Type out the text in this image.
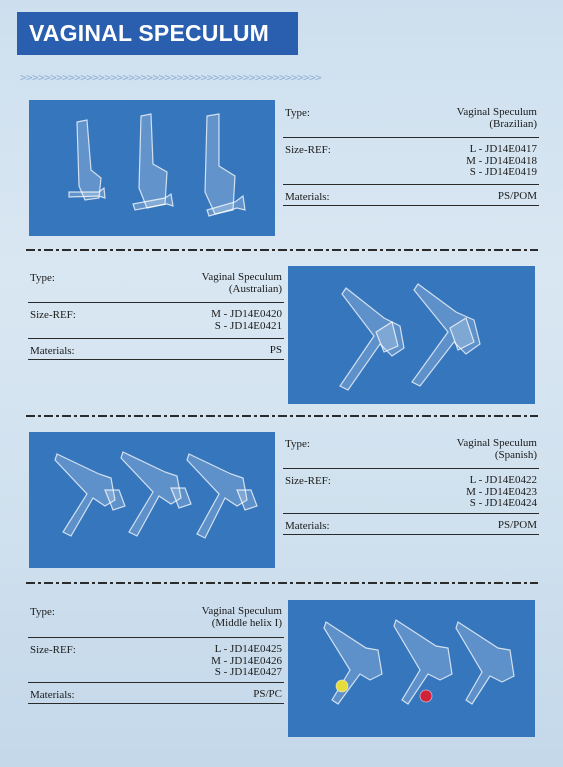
VAGINAL SPECULUM
>>>>>>>>>>>>>>>>>>>>>>>>>>>>>>>>>>>>>>>>>>>>>>>>>>
Type:	Vaginal Speculum
(Brazilian)
Size-REF:	L - JD14E0417
M - JD14E0418
S - JD14E0419
Materials:	PS/POM
Type:	Vaginal Speculum
(Australian)
Size-REF:	M - JD14E0420
S - JD14E0421
Materials:	PS
Type:	Vaginal Speculum
(Spanish)
Size-REF:	L - JD14E0422
M - JD14E0423
S - JD14E0424
Materials:	PS/POM
Type:	Vaginal Speculum
(Middle helix I)
Size-REF:	L - JD14E0425
M - JD14E0426
S - JD14E0427
Materials:	PS/PC
